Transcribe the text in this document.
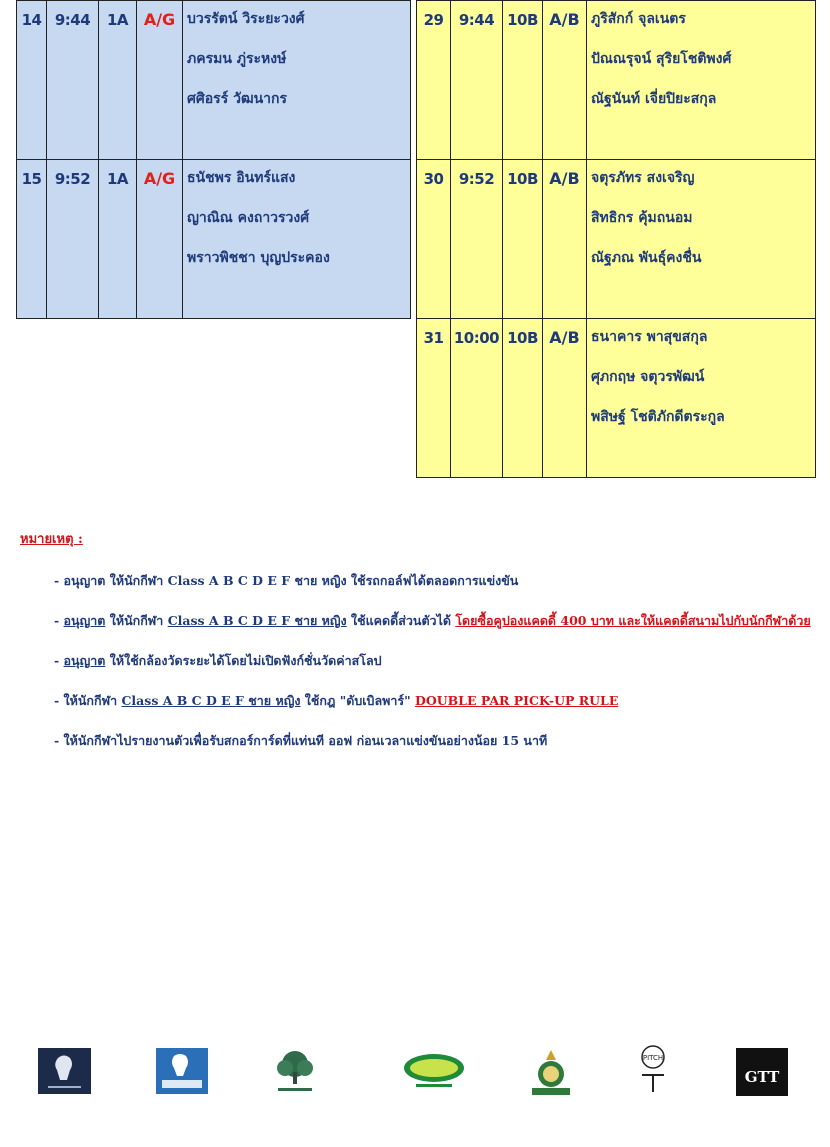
14	9:44	1A	A/G	บวรรัตน์ วิระยะวงศ์
ภครมน ภู่ระหงษ์
ศศิอรร์ วัฒนากร

15	9:52	1A	A/G	ธนัชพร อินทร์แสง
ญาณิณ คงถาวรวงศ์
พราวพิชชา บุญประคอง
29	9:44	10B	A/B	ภูริสักก์ จุลเนตร
ปัณณรุจน์ สุริยโชติพงศ์
ณัฐนันท์ เจี่ยปิยะสกุล

30	9:52	10B	A/B	จตุรภัทร สงเจริญ
สิทธิกร คุ้มถนอม
ณัฐภณ พันธุ์คงชื่น

31	10:00	10B	A/B	ธนาคาร พาสุขสกุล
ศุภกฤษ จตุวรพัฒน์
พสิษฐ์ โชติภักดีตระกูล
หมายเหตุ :
- อนุญาต ให้นักกีฬา Class A B C D E F ชาย หญิง ใช้รถกอล์ฟได้ตลอดการแข่งขัน
- อนุญาต ให้นักกีฬา Class A B C D E F ชาย หญิง ใช้แคดดี้ส่วนตัวได้ โดยซื้อคูปองแคดดี้ 400 บาท และให้แคดดี้สนามไปกับนักกีฬาด้วย
- อนุญาต ให้ใช้กล้องวัดระยะได้โดยไม่เปิดฟังก์ชั่นวัดค่าสโลป
- ให้นักกีฬา Class A B C D E F ชาย หญิง ใช้กฎ "ดับเบิลพาร์" DOUBLE PAR PICK-UP RULE
- ให้นักกีฬาไปรายงานตัวเพื่อรับสกอร์การ์ดที่แท่นที ออฟ ก่อนเวลาแข่งขันอย่างน้อย 15 นาที
PITCH
GTT
